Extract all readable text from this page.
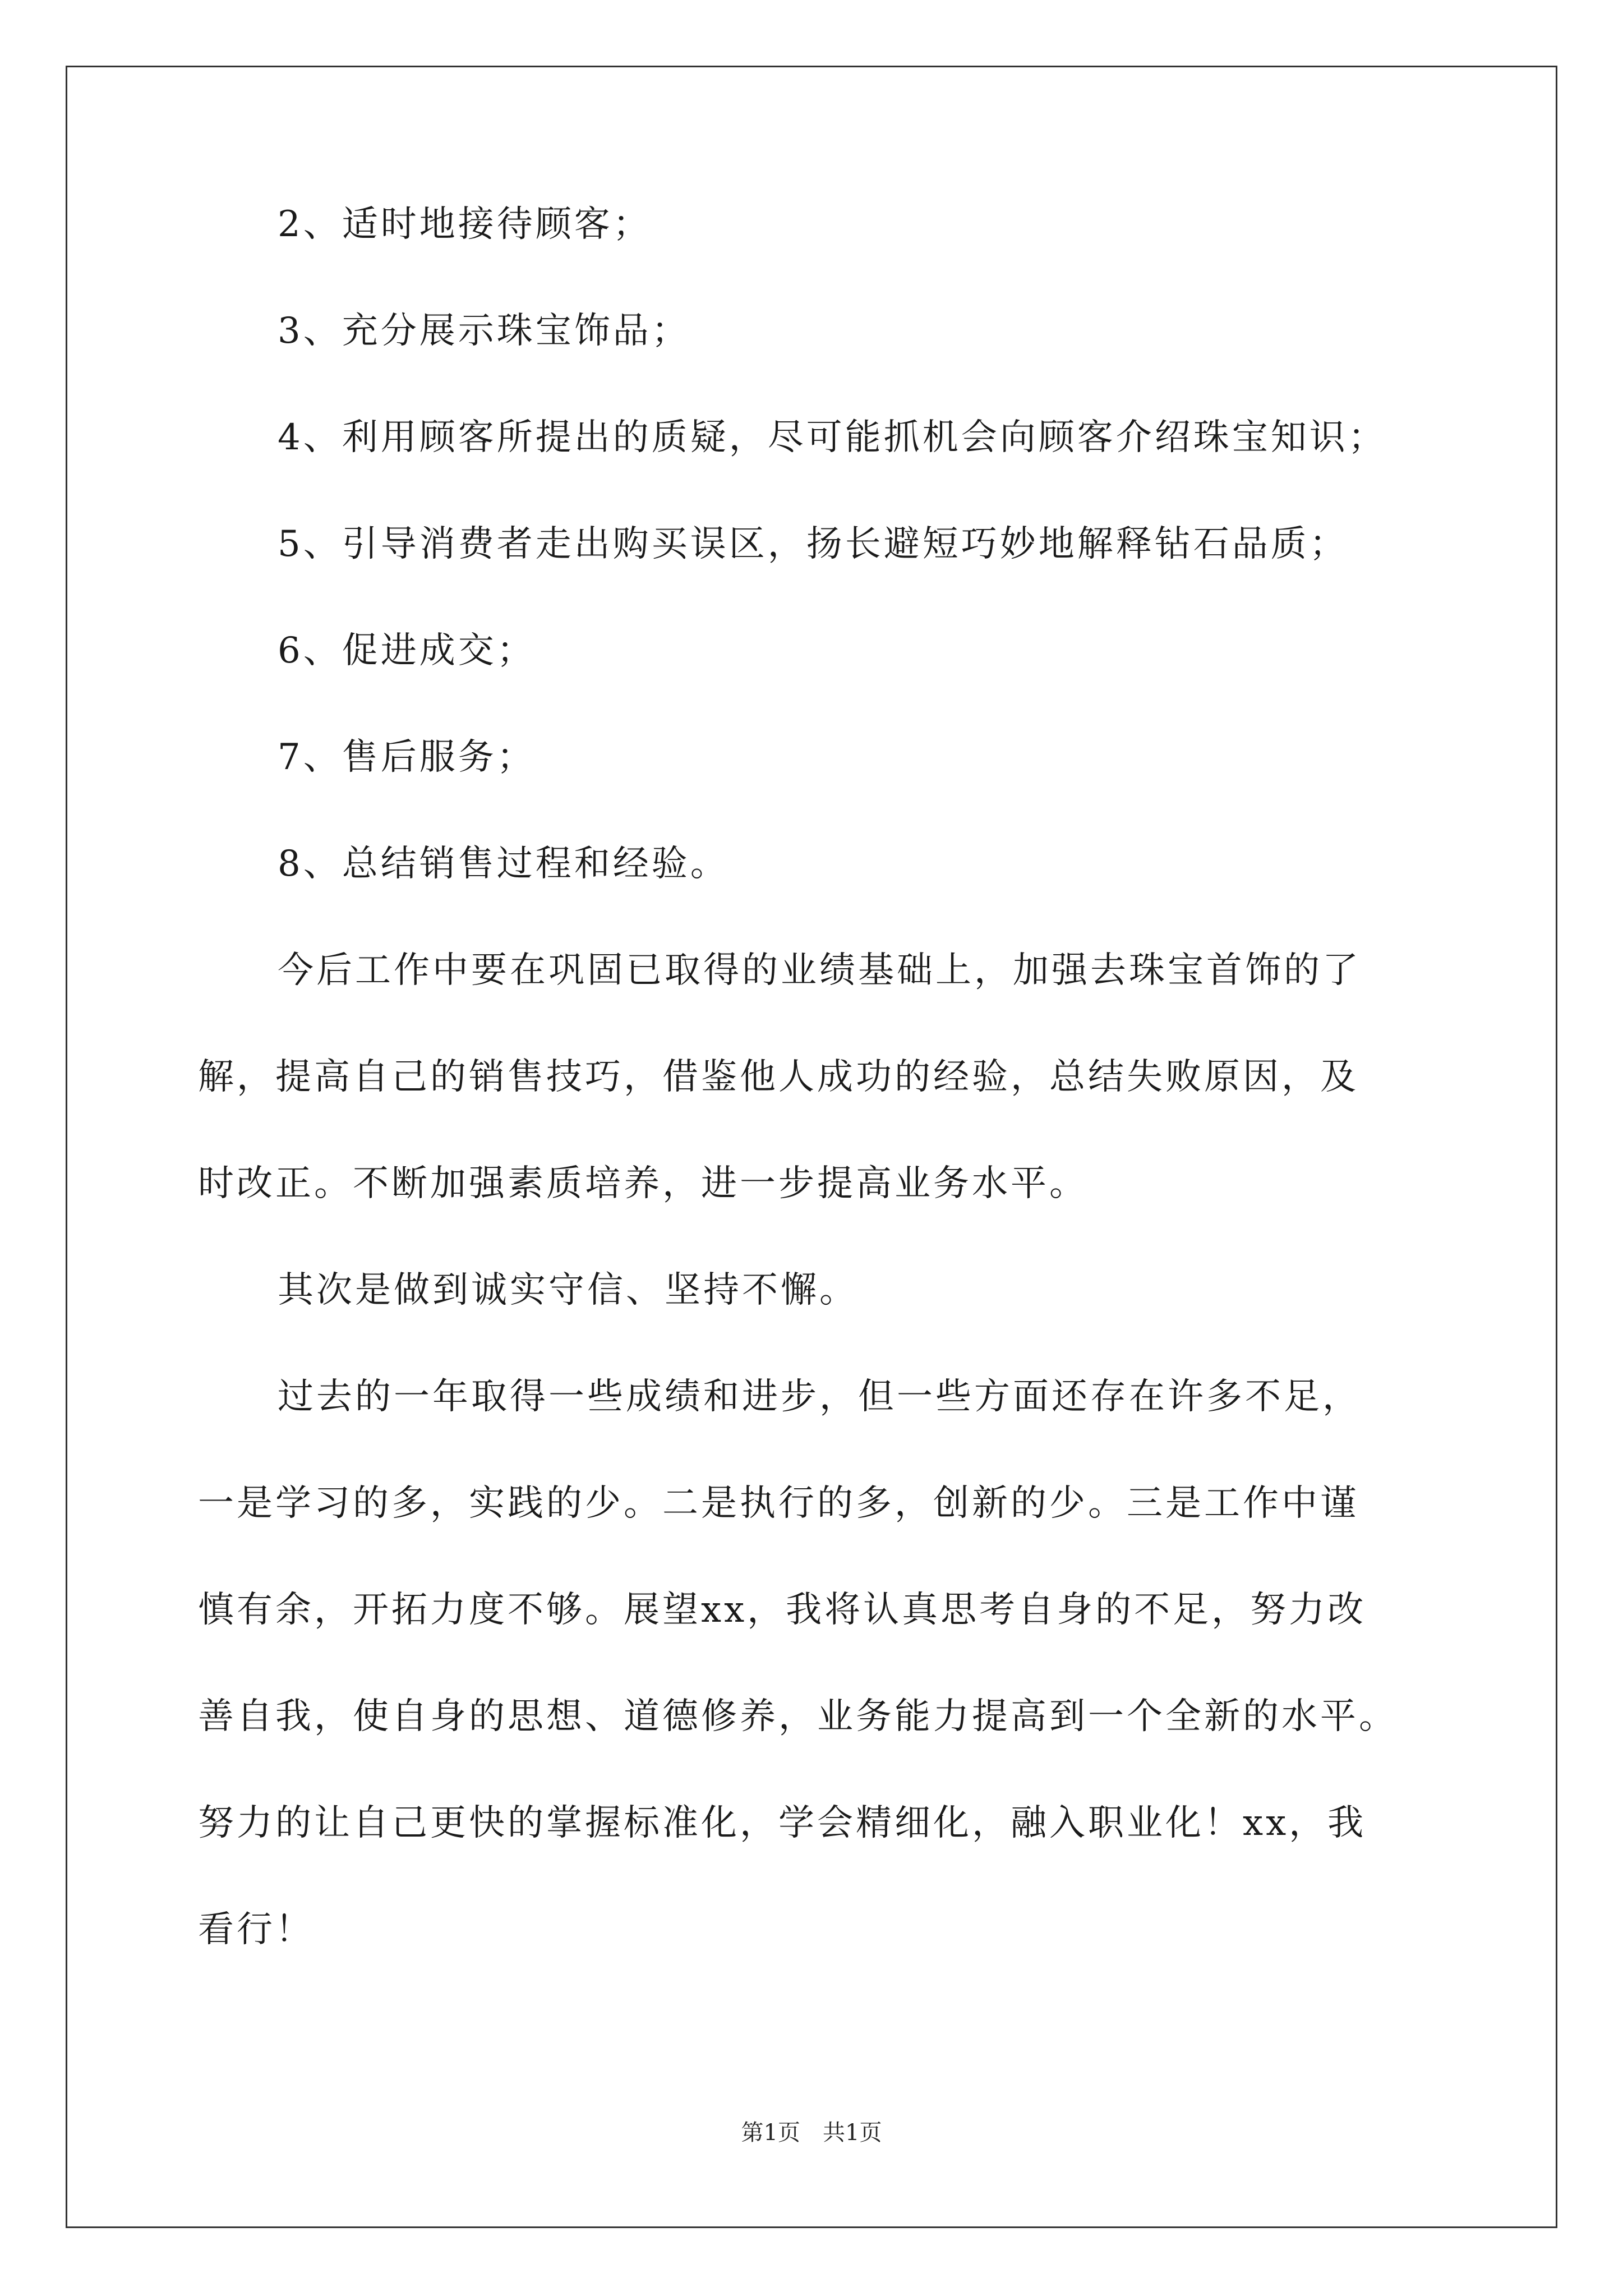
2、适时地接待顾客；
3、充分展示珠宝饰品；
4、利用顾客所提出的质疑，尽可能抓机会向顾客介绍珠宝知识；
5、引导消费者走出购买误区，扬长避短巧妙地解释钻石品质；
6、促进成交；
7、售后服务；
8、总结销售过程和经验。
今后工作中要在巩固已取得的业绩基础上，加强去珠宝首饰的了
解，提高自己的销售技巧，借鉴他人成功的经验，总结失败原因，及
时改正。不断加强素质培养，进一步提高业务水平。
其次是做到诚实守信、坚持不懈。
过去的一年取得一些成绩和进步，但一些方面还存在许多不足，
一是学习的多，实践的少。二是执行的多，创新的少。三是工作中谨
慎有余，开拓力度不够。展望xx，我将认真思考自身的不足，努力改
善自我，使自身的思想、道德修养，业务能力提高到一个全新的水平。
努力的让自己更快的掌握标准化，学会精细化，融入职业化！xx，我
看行！
第1页　共1页
